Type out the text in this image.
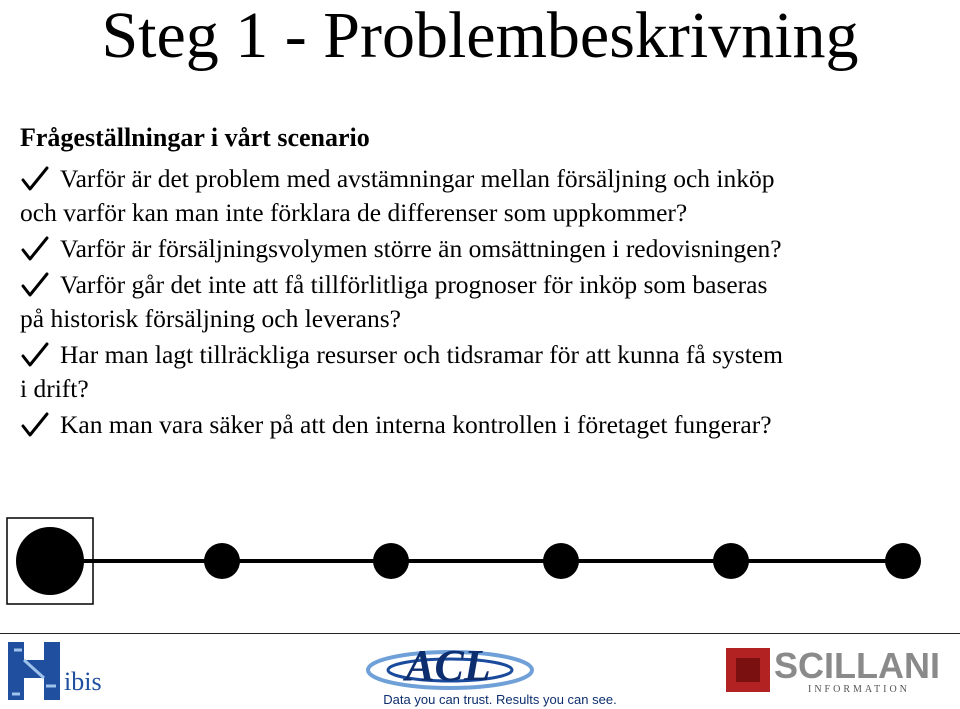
Steg 1 - Problembeskrivning
Frågeställningar i vårt scenario
Varför är det problem med avstämningar mellan försäljning och inköp
och varför kan man inte förklara de differenser som uppkommer?
Varför är försäljningsvolymen större än omsättningen i redovisningen?
Varför går det inte att få tillförlitliga prognoser för inköp som baseras
på historisk försäljning och leverans?
Har man lagt tillräckliga resurser och tidsramar för att kunna få system
i drift?
Kan man vara säker på att den interna kontrollen i företaget fungerar?
ibis	ACL
Data you can trust. Results you can see.
SCILLANI
INFORMATION
